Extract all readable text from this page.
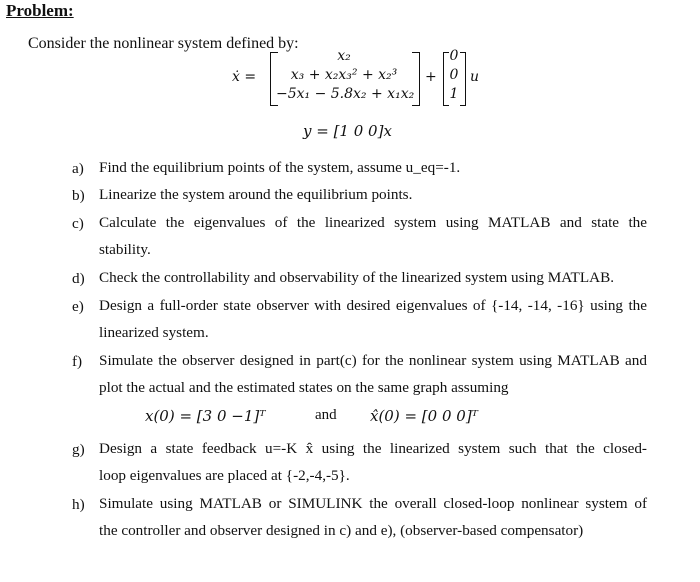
Problem:
Consider the nonlinear system defined by:
ẋ =
x₂
x₃ + x₂x₃² + x₂³
−5x₁ − 5.8x₂ + x₁x₂
+
0
0
1
u
y = [1 0 0]x
a) Find the equilibrium points of the system, assume u_eq=-1.
b) Linearize the system around the equilibrium points.
c) Calculate the eigenvalues of the linearized system using MATLAB and state the
stability.
d) Check the controllability and observability of the linearized system using MATLAB.
e) Design a full-order state observer with desired eigenvalues of {-14, -14, -16} using the
linearized system.
f) Simulate the observer designed in part(c) for the nonlinear system using MATLAB and
plot the actual and the estimated states on the same graph assuming
x(0) = [3 0 −1]ᵀ	and x̂(0) = [0 0 0]ᵀ
g) Design a state feedback u=-K x̂ using the linearized system such that the closed-
loop eigenvalues are placed at {-2,-4,-5}.
h) Simulate using MATLAB or SIMULINK the overall closed-loop nonlinear system of
the controller and observer designed in c) and e), (observer-based compensator)
